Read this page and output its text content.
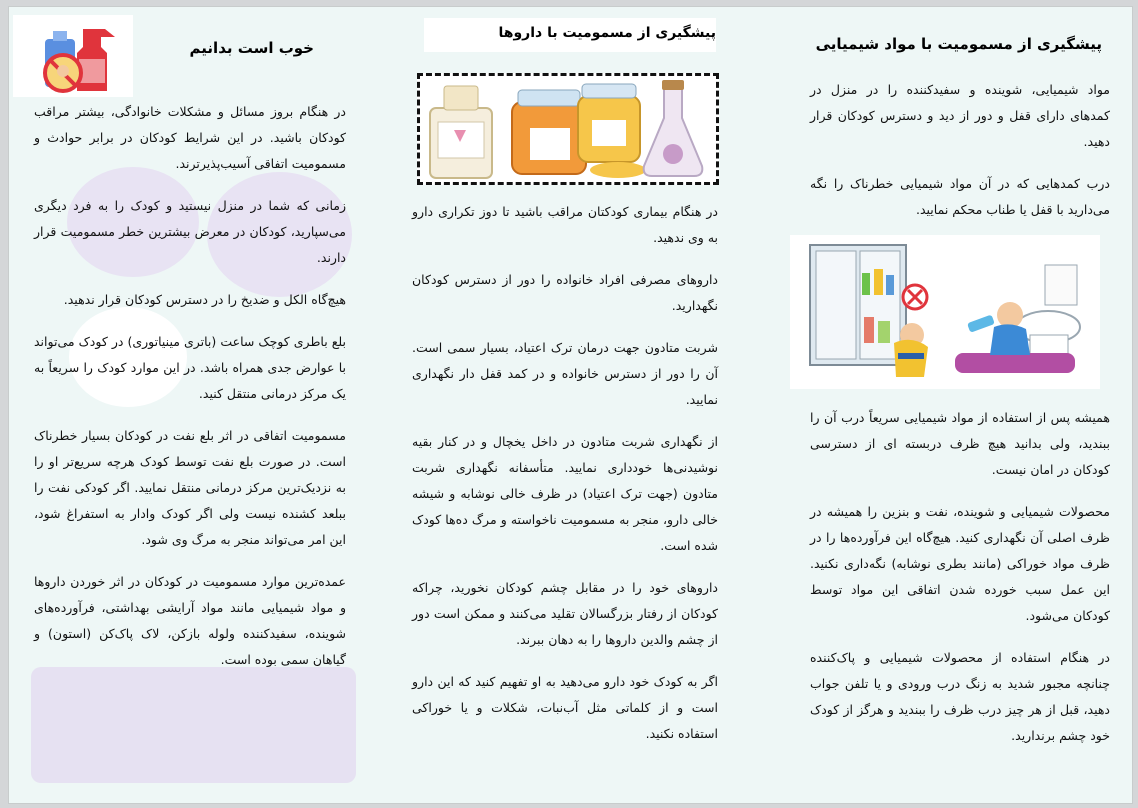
پیشگیری از مسمومیت با مواد شیمیایی

مواد شیمیایی، شوینده و سفیدکننده را در منزل در کمدهای دارای قفل و دور از دید و دسترس کودکان قرار دهید.

درب کمدهایی که در آن مواد شیمیایی خطرناک را نگه می‌دارید با قفل یا طناب محکم نمایید.

همیشه پس از استفاده از مواد شیمیایی سریعاً درب آن را ببندید، ولی بدانید هیچ ظرف دربسته ای از دسترسی کودکان در امان نیست.

محصولات شیمیایی و شوینده، نفت و بنزین را همیشه در ظرف اصلی آن نگهداری کنید. هیچ‌گاه این فرآورده‌ها را در ظرف مواد خوراکی (مانند بطری نوشابه) نگه‌داری نکنید. این عمل سبب خورده شدن اتفاقی این مواد توسط کودکان می‌شود.

در هنگام استفاده از محصولات شیمیایی و پاک‌کننده چنانچه مجبور شدید به زنگ درب ورودی و یا تلفن جواب دهید، قبل از هر چیز درب ظرف را ببندید و هرگز از کودک خود چشم برندارید.

پیشگیری از مسمومیت با داروها

در هنگام بیماری کودکتان مراقب باشید تا دوز تکراری دارو به وی ندهید.

داروهای مصرفی افراد خانواده را دور از دسترس کودکان نگهدارید.

شربت متادون جهت درمان ترک اعتیاد، بسیار سمی است. آن را دور از دسترس خانواده و در کمد قفل دار نگهداری نمایید.

از نگهداری شربت متادون در داخل یخچال و در کنار بقیه نوشیدنی‌ها خودداری نمایید. متأسفانه نگهداری شربت متادون (جهت ترک اعتیاد) در ظرف خالی نوشابه و شیشه خالی دارو، منجر به مسمومیت ناخواسته و مرگ ده‌ها کودک شده است.

داروهای خود را در مقابل چشم کودکان نخورید، چراکه کودکان از رفتار بزرگسالان تقلید می‌کنند و ممکن است دور از چشم والدین داروها را به دهان ببرند.

اگر به کودک خود دارو می‌دهید به او تفهیم کنید که این دارو است و از کلماتی مثل آب‌نبات، شکلات و یا خوراکی استفاده نکنید.

خوب است بدانیم

در هنگام بروز مسائل و مشکلات خانوادگی، بیشتر مراقب کودکان باشید. در این شرایط کودکان در برابر حوادث و مسمومیت اتفاقی آسیب‌پذیرترند.

زمانی که شما در منزل نیستید و کودک را به فرد دیگری می‌سپارید، کودکان در معرض بیشترین خطر مسمومیت قرار دارند.

هیچ‌گاه الکل و ضدیخ را در دسترس کودکان قرار ندهید.

بلع باطری کوچک ساعت (باتری مینیاتوری) در کودک می‌تواند با عوارض جدی همراه باشد. در این موارد کودک را سریعاً به یک مرکز درمانی منتقل کنید.

مسمومیت اتفاقی در اثر بلع نفت در کودکان بسیار خطرناک است. در صورت بلع نفت توسط کودک هرچه سریع‌تر او را به نزدیک‌ترین مرکز درمانی منتقل نمایید. اگر کودکی نفت را ببلعد کشنده نیست ولی اگر کودک وادار به استفراغ شود، این امر می‌تواند منجر به مرگ وی شود.

عمده‌ترین موارد مسمومیت در کودکان در اثر خوردن داروها و مواد شیمیایی مانند مواد آرایشی بهداشتی، فرآورده‌های شوینده، سفیدکننده ولوله بازکن، لاک پاک‌کن (استون) و گیاهان سمی بوده است.
